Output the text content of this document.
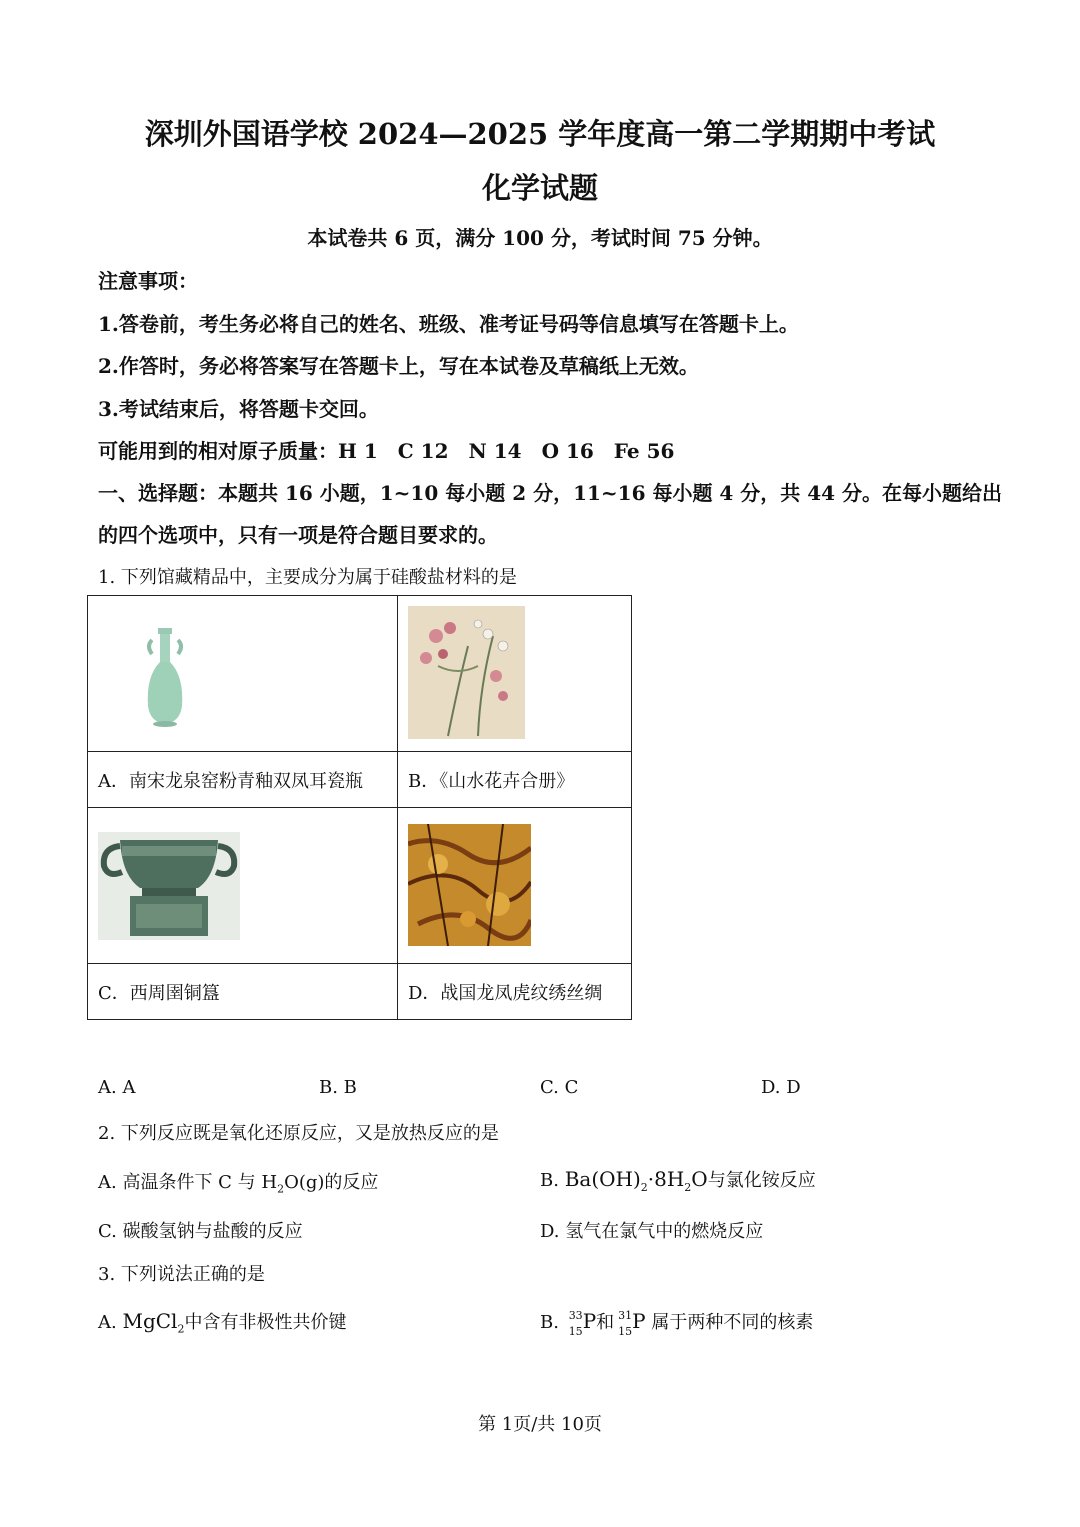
深圳外国语学校 2024—2025 学年度高一第二学期期中考试
化学试题
本试卷共 6 页，满分 100 分，考试时间 75 分钟。
注意事项：
1.答卷前，考生务必将自己的姓名、班级、准考证号码等信息填写在答题卡上。
2.作答时，务必将答案写在答题卡上，写在本试卷及草稿纸上无效。
3.考试结束后，将答题卡交回。
可能用到的相对原子质量：H 1　C 12　N 14　O 16　Fe 56
一、选择题：本题共 16 小题，1~10 每小题 2 分，11~16 每小题 4 分，共 44 分。在每小题给出
的四个选项中，只有一项是符合题目要求的。
1. 下列馆藏精品中，主要成分为属于硅酸盐材料的是

A．南宋龙泉窑粉青釉双凤耳瓷瓶	B．《山水花卉合册》

C．西周圉铜簋	D．战国龙凤虎纹绣丝绸
A. A	B. B	C. C	D. D
2. 下列反应既是氧化还原反应，又是放热反应的是
A. 高温条件下 C 与 $H_2O(g)$的反应	B. $Ba(OH)_2\cdot 8H_2O$与氯化铵反应
C. 碳酸氢钠与盐酸的反应	D. 氢气在氯气中的燃烧反应
3. 下列说法正确的是
A. MgCl$_2$中含有非极性共价键	B. 33
15 P和 31
15 P 属于两种不同的核素
第 1页/共 10页
